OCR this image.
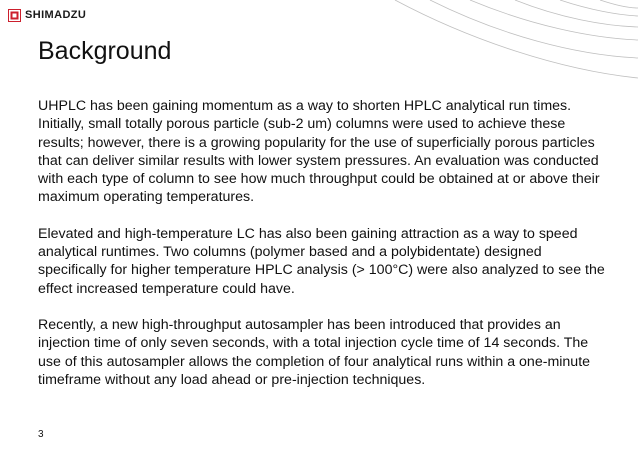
SHIMADZU
Background

UHPLC has been gaining momentum as a way to shorten HPLC analytical run times. Initially, small totally porous particle (sub-2 um) columns were used to achieve these results; however, there is a growing popularity for the use of superficially porous particles that can deliver similar results with lower system pressures. An evaluation was conducted with each type of column to see how much throughput could be obtained at or above their maximum operating temperatures.

Elevated and high-temperature LC has also been gaining attraction as a way to speed analytical runtimes. Two columns (polymer based and a polybidentate) designed specifically for higher temperature HPLC analysis (> 100°C) were also analyzed to see the effect increased temperature could have.

Recently, a new high-throughput autosampler has been introduced that provides an injection time of only seven seconds, with a total injection cycle time of 14 seconds. The use of this autosampler allows the completion of four analytical runs within a one-minute timeframe without any load ahead or pre-injection techniques.

3
